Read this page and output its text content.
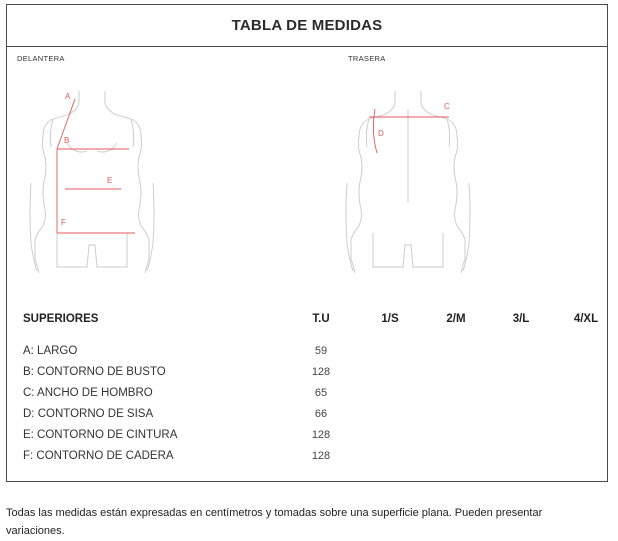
TABLA DE MEDIDAS
DELANTERA	TRASERA
A
B
E
F
C
D
SUPERIORES	T.U	1/S	2/M	3/L	4/XL
A: LARGO	59
B: CONTORNO DE BUSTO	128
C: ANCHO DE HOMBRO	65
D: CONTORNO DE SISA	66
E: CONTORNO DE CINTURA	128
F: CONTORNO DE CADERA	128

Todas las medidas están expresadas en centímetros y tomadas sobre una superficie plana. Pueden presentar variaciones.
